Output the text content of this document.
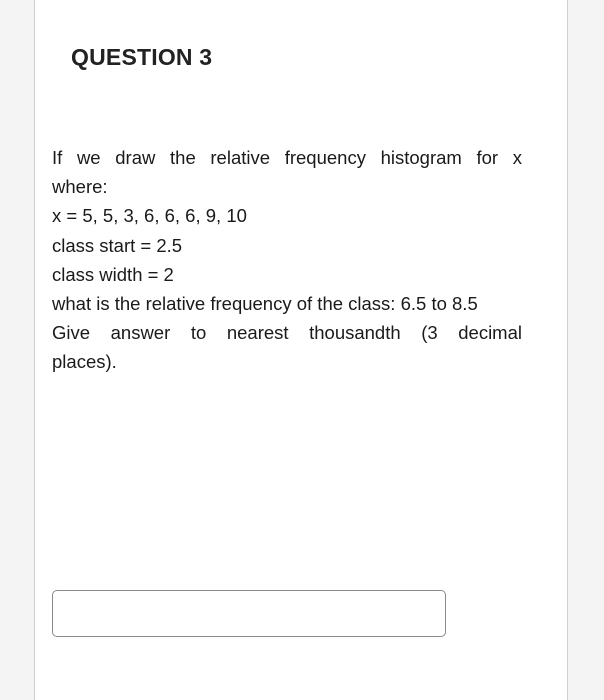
QUESTION 3
If we draw the relative frequency histogram for x
where:
x = 5, 5, 3, 6, 6, 6, 9, 10
class start = 2.5
class width = 2
what is the relative frequency of the class: 6.5 to 8.5
Give answer to nearest thousandth (3 decimal
places).
